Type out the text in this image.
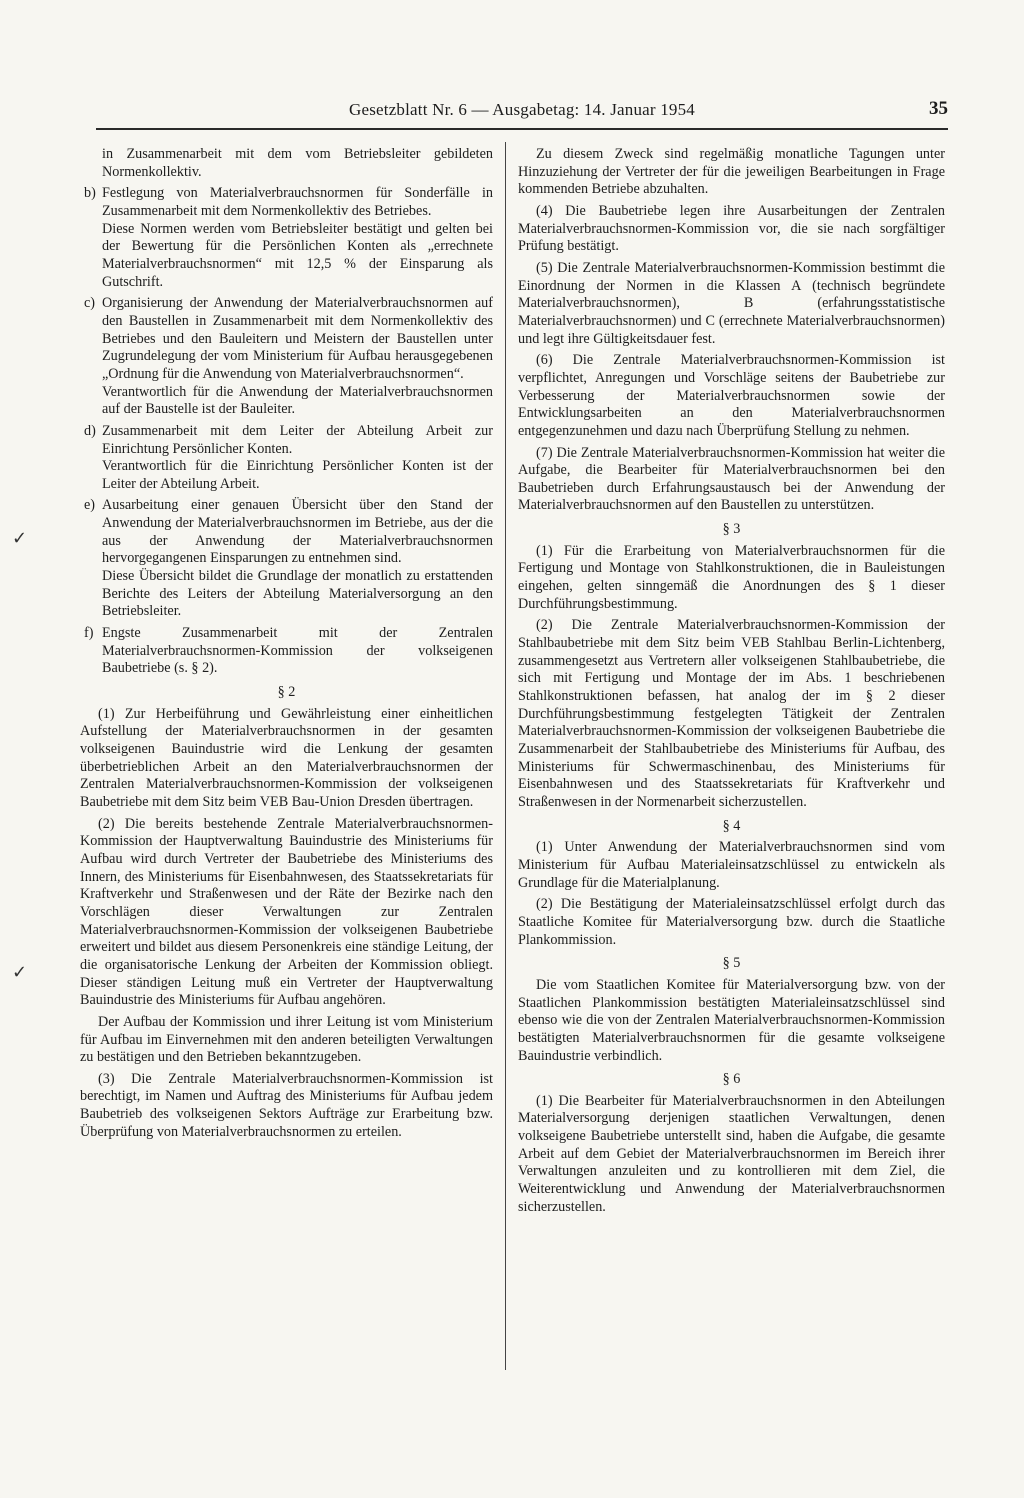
Gesetzblatt Nr. 6 — Ausgabetag: 14. Januar 1954	35
✓
✓

in Zusammenarbeit mit dem vom Betriebsleiter gebildeten Normenkollektiv.

b) Festlegung von Materialverbrauchsnormen für Sonderfälle in Zusammenarbeit mit dem Normenkollektiv des Betriebes.
Diese Normen werden vom Betriebsleiter bestätigt und gelten bei der Bewertung für die Persönlichen Konten als „errechnete Materialverbrauchsnormen“ mit 12,5 % der Einsparung als Gutschrift.
c) Organisierung der Anwendung der Materialverbrauchsnormen auf den Baustellen in Zusammenarbeit mit dem Normenkollektiv des Betriebes und den Bauleitern und Meistern der Baustellen unter Zugrundelegung der vom Ministerium für Aufbau herausgegebenen „Ordnung für die Anwendung von Materialverbrauchsnormen“.
Verantwortlich für die Anwendung der Materialverbrauchsnormen auf der Baustelle ist der Bauleiter.
d) Zusammenarbeit mit dem Leiter der Abteilung Arbeit zur Einrichtung Persönlicher Konten.
Verantwortlich für die Einrichtung Persönlicher Konten ist der Leiter der Abteilung Arbeit.
e) Ausarbeitung einer genauen Übersicht über den Stand der Anwendung der Materialverbrauchsnormen im Betriebe, aus der die aus der Anwendung der Materialverbrauchsnormen hervorgegangenen Einsparungen zu entnehmen sind.
Diese Übersicht bildet die Grundlage der monatlich zu erstattenden Berichte des Leiters der Abteilung Materialversorgung an den Betriebsleiter.
f) Engste Zusammenarbeit mit der Zentralen Materialverbrauchsnormen-Kommission der volkseigenen Baubetriebe (s. § 2).

§ 2

(1) Zur Herbeiführung und Gewährleistung einer einheitlichen Aufstellung der Materialverbrauchsnormen in der gesamten volkseigenen Bauindustrie wird die Lenkung der gesamten überbetrieblichen Arbeit an den Materialverbrauchsnormen der Zentralen Materialverbrauchsnormen-Kommission der volkseigenen Baubetriebe mit dem Sitz beim VEB Bau-Union Dresden übertragen.

(2) Die bereits bestehende Zentrale Materialverbrauchsnormen-Kommission der Hauptverwaltung Bauindustrie des Ministeriums für Aufbau wird durch Vertreter der Baubetriebe des Ministeriums des Innern, des Ministeriums für Eisenbahnwesen, des Staatssekretariats für Kraftverkehr und Straßenwesen und der Räte der Bezirke nach den Vorschlägen dieser Verwaltungen zur Zentralen Materialverbrauchsnormen-Kommission der volkseigenen Baubetriebe erweitert und bildet aus diesem Personenkreis eine ständige Leitung, der die organisatorische Lenkung der Arbeiten der Kommission obliegt. Dieser ständigen Leitung muß ein Vertreter der Hauptverwaltung Bauindustrie des Ministeriums für Aufbau angehören.

Der Aufbau der Kommission und ihrer Leitung ist vom Ministerium für Aufbau im Einvernehmen mit den anderen beteiligten Verwaltungen zu bestätigen und den Betrieben bekanntzugeben.

(3) Die Zentrale Materialverbrauchsnormen-Kommission ist berechtigt, im Namen und Auftrag des Ministeriums für Aufbau jedem Baubetrieb des volkseigenen Sektors Aufträge zur Erarbeitung bzw. Überprüfung von Materialverbrauchsnormen zu erteilen.

Zu diesem Zweck sind regelmäßig monatliche Tagungen unter Hinzuziehung der Vertreter der für die jeweiligen Bearbeitungen in Frage kommenden Betriebe abzuhalten.

(4) Die Baubetriebe legen ihre Ausarbeitungen der Zentralen Materialverbrauchsnormen-Kommission vor, die sie nach sorgfältiger Prüfung bestätigt.

(5) Die Zentrale Materialverbrauchsnormen-Kommission bestimmt die Einordnung der Normen in die Klassen A (technisch begründete Materialverbrauchsnormen), B (erfahrungsstatistische Materialverbrauchsnormen) und C (errechnete Materialverbrauchsnormen) und legt ihre Gültigkeitsdauer fest.

(6) Die Zentrale Materialverbrauchsnormen-Kommission ist verpflichtet, Anregungen und Vorschläge seitens der Baubetriebe zur Verbesserung der Materialverbrauchsnormen sowie der Entwicklungsarbeiten an den Materialverbrauchsnormen entgegenzunehmen und dazu nach Überprüfung Stellung zu nehmen.

(7) Die Zentrale Materialverbrauchsnormen-Kommission hat weiter die Aufgabe, die Bearbeiter für Materialverbrauchsnormen bei den Baubetrieben durch Erfahrungsaustausch bei der Anwendung der Materialverbrauchsnormen auf den Baustellen zu unterstützen.

§ 3

(1) Für die Erarbeitung von Materialverbrauchsnormen für die Fertigung und Montage von Stahlkonstruktionen, die in Bauleistungen eingehen, gelten sinngemäß die Anordnungen des § 1 dieser Durchführungsbestimmung.

(2) Die Zentrale Materialverbrauchsnormen-Kommission der Stahlbaubetriebe mit dem Sitz beim VEB Stahlbau Berlin-Lichtenberg, zusammengesetzt aus Vertretern aller volkseigenen Stahlbaubetriebe, die sich mit Fertigung und Montage der im Abs. 1 beschriebenen Stahlkonstruktionen befassen, hat analog der im § 2 dieser Durchführungsbestimmung festgelegten Tätigkeit der Zentralen Materialverbrauchsnormen-Kommission der volkseigenen Baubetriebe die Zusammenarbeit der Stahlbaubetriebe des Ministeriums für Aufbau, des Ministeriums für Schwermaschinenbau, des Ministeriums für Eisenbahnwesen und des Staatssekretariats für Kraftverkehr und Straßenwesen in der Normenarbeit sicherzustellen.

§ 4

(1) Unter Anwendung der Materialverbrauchsnormen sind vom Ministerium für Aufbau Materialeinsatzschlüssel zu entwickeln als Grundlage für die Materialplanung.

(2) Die Bestätigung der Materialeinsatzschlüssel erfolgt durch das Staatliche Komitee für Materialversorgung bzw. durch die Staatliche Plankommission.

§ 5

Die vom Staatlichen Komitee für Materialversorgung bzw. von der Staatlichen Plankommission bestätigten Materialeinsatzschlüssel sind ebenso wie die von der Zentralen Materialverbrauchsnormen-Kommission bestätigten Materialverbrauchsnormen für die gesamte volkseigene Bauindustrie verbindlich.

§ 6

(1) Die Bearbeiter für Materialverbrauchsnormen in den Abteilungen Materialversorgung derjenigen staatlichen Verwaltungen, denen volkseigene Baubetriebe unterstellt sind, haben die Aufgabe, die gesamte Arbeit auf dem Gebiet der Materialverbrauchsnormen im Bereich ihrer Verwaltungen anzuleiten und zu kontrollieren mit dem Ziel, die Weiterentwicklung und Anwendung der Materialverbrauchsnormen sicherzustellen.
